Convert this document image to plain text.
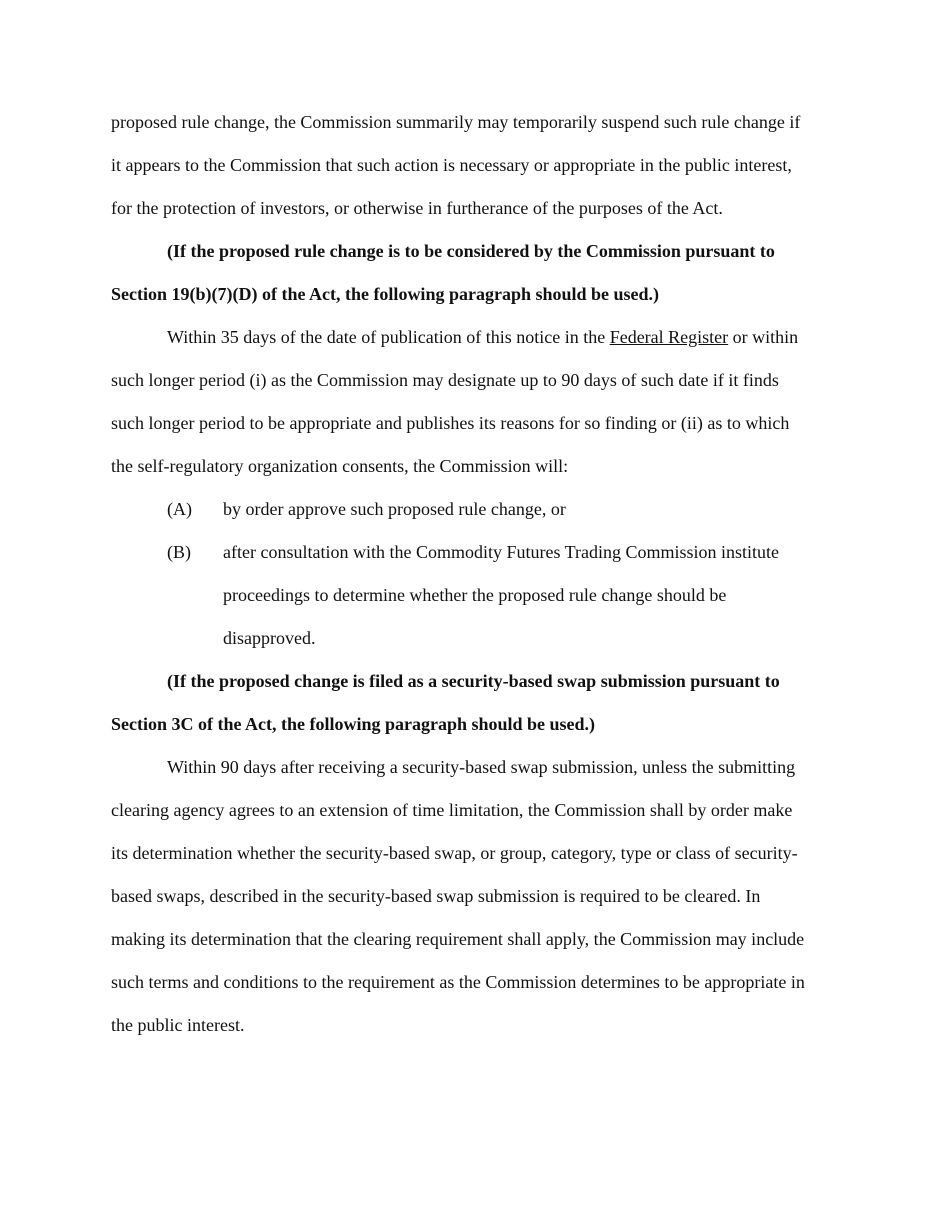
proposed rule change, the Commission summarily may temporarily suspend such rule change if
it appears to the Commission that such action is necessary or appropriate in the public interest,
for the protection of investors, or otherwise in furtherance of the purposes of the Act.
(If the proposed rule change is to be considered by the Commission pursuant to
Section 19(b)(7)(D) of the Act, the following paragraph should be used.)
Within 35 days of the date of publication of this notice in the Federal Register or within
such longer period (i) as the Commission may designate up to 90 days of such date if it finds
such longer period to be appropriate and publishes its reasons for so finding or (ii) as to which
the self-regulatory organization consents, the Commission will:
(A)	by order approve such proposed rule change, or
(B)	after consultation with the Commodity Futures Trading Commission institute
proceedings to determine whether the proposed rule change should be
disapproved.
(If the proposed change is filed as a security-based swap submission pursuant to
Section 3C of the Act, the following paragraph should be used.)
Within 90 days after receiving a security-based swap submission, unless the submitting
clearing agency agrees to an extension of time limitation, the Commission shall by order make
its determination whether the security-based swap, or group, category, type or class of security-
based swaps, described in the security-based swap submission is required to be cleared. In
making its determination that the clearing requirement shall apply, the Commission may include
such terms and conditions to the requirement as the Commission determines to be appropriate in
the public interest.
